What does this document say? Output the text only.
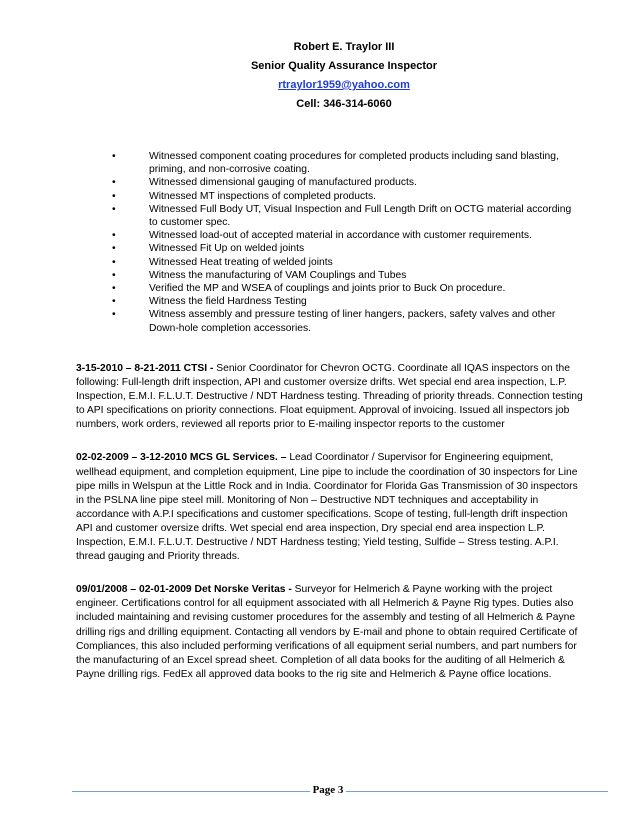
Robert E. Traylor III
Senior Quality Assurance Inspector
rtraylor1959@yahoo.com
Cell: 346-314-6060
•	Witnessed component coating procedures for completed products including sand blasting, priming, and non-corrosive coating.
•	Witnessed dimensional gauging of manufactured products.
•	Witnessed MT inspections of completed products.
•	Witnessed Full Body UT, Visual Inspection and Full Length Drift on OCTG material according to customer spec.
•	Witnessed load-out of accepted material in accordance with customer requirements.
•	Witnessed Fit Up on welded joints
•	Witnessed Heat treating of welded joints
•	Witness the manufacturing of VAM Couplings and Tubes
•	Verified the MP and WSEA of couplings and joints prior to Buck On procedure.
•	Witness the field Hardness Testing
•	Witness assembly and pressure testing of liner hangers, packers, safety valves and other Down-hole completion accessories.

3-15-2010 – 8-21-2011 CTSI - Senior Coordinator for Chevron OCTG. Coordinate all IQAS inspectors on the following: Full-length drift inspection, API and customer oversize drifts. Wet special end area inspection, L.P. Inspection, E.M.I. F.L.U.T. Destructive / NDT Hardness testing. Threading of priority threads. Connection testing to API specifications on priority connections. Float equipment. Approval of invoicing. Issued all inspectors job numbers, work orders, reviewed all reports prior to E-mailing inspector reports to the customer

02-02-2009 – 3-12-2010 MCS GL Services. – Lead Coordinator / Supervisor for Engineering equipment, wellhead equipment, and completion equipment, Line pipe to include the coordination of 30 inspectors for Line pipe mills in Welspun at the Little Rock and in India. Coordinator for Florida Gas Transmission of 30 inspectors in the PSLNA line pipe steel mill. Monitoring of Non – Destructive NDT techniques and acceptability in accordance with A.P.I specifications and customer specifications. Scope of testing, full-length drift inspection API and customer oversize drifts. Wet special end area inspection, Dry special end area inspection L.P. Inspection, E.M.I. F.L.U.T. Destructive / NDT Hardness testing; Yield testing, Sulfide – Stress testing. A.P.I. thread gauging and Priority threads.

09/01/2008 – 02-01-2009 Det Norske Veritas - Surveyor for Helmerich & Payne working with the project engineer. Certifications control for all equipment associated with all Helmerich & Payne Rig types. Duties also included maintaining and revising customer procedures for the assembly and testing of all Helmerich & Payne drilling rigs and drilling equipment. Contacting all vendors by E-mail and phone to obtain required Certificate of Compliances, this also included performing verifications of all equipment serial numbers, and part numbers for the manufacturing of an Excel spread sheet. Completion of all data books for the auditing of all Helmerich & Payne drilling rigs. FedEx all approved data books to the rig site and Helmerich & Payne office locations.

Page 3
